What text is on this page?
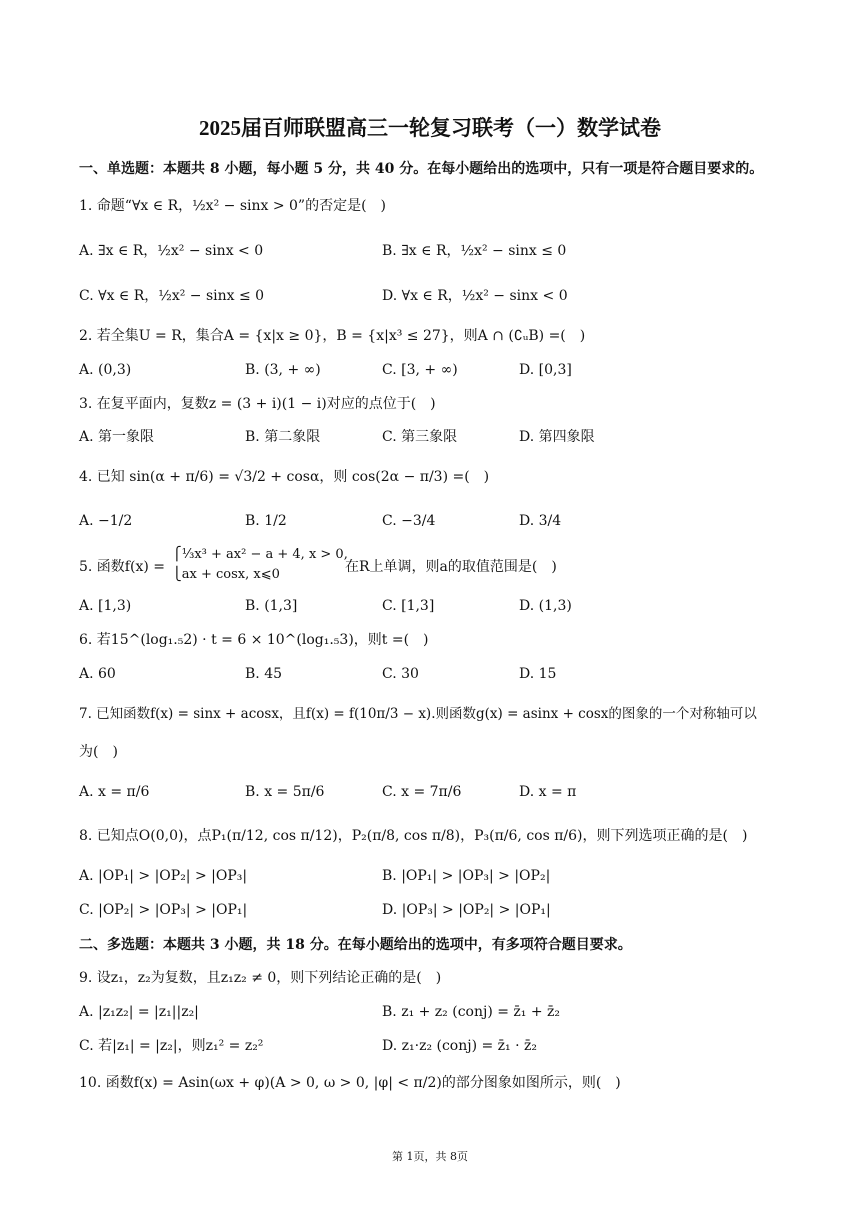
2025届百师联盟高三一轮复习联考（一）数学试卷
一、单选题：本题共 8 小题，每小题 5 分，共 40 分。在每小题给出的选项中，只有一项是符合题目要求的。
1. 命题“∀x ∈ R，½x² − sinx > 0”的否定是(　)
A. ∃x ∈ R，½x² − sinx < 0	B. ∃x ∈ R，½x² − sinx ≤ 0
C. ∀x ∈ R，½x² − sinx ≤ 0	D. ∀x ∈ R，½x² − sinx < 0
2. 若全集U = R，集合A = {x|x ≥ 0}，B = {x|x³ ≤ 27}，则A ∩ (∁ᵤB) =(　)
A. (0,3)	B. (3, + ∞)	C. [3, + ∞)	D. [0,3]
3. 在复平面内，复数z = (3 + i)(1 − i)对应的点位于(　)
A. 第一象限	B. 第二象限	C. 第三象限	D. 第四象限
4. 已知 sin(α + π/6) = √3/2 + cosα，则 cos(2α − π/3) =(　)
A. −1/2	B. 1/2	C. −3/4	D. 3/4
5. 函数f(x) =
⎧⅓x³ + ax² − a + 4, x > 0,
⎩ax + cosx, x⩽0	在R上单调，则a的取值范围是(　)
A. [1,3)	B. (1,3]	C. [1,3]	D. (1,3)
6. 若15^(log₁.₅2) · t = 6 × 10^(log₁.₅3)，则t =(　)
A. 60	B. 45	C. 30	D. 15
7. 已知函数f(x) = sinx + acosx，且f(x) = f(10π/3 − x).则函数g(x) = asinx + cosx的图象的一个对称轴可以
为(　)
A. x = π/6	B. x = 5π/6	C. x = 7π/6	D. x = π
8. 已知点O(0,0)，点P₁(π/12, cos π/12)，P₂(π/8, cos π/8)，P₃(π/6, cos π/6)，则下列选项正确的是(　)
A. |OP₁| > |OP₂| > |OP₃|	B. |OP₁| > |OP₃| > |OP₂|
C. |OP₂| > |OP₃| > |OP₁|	D. |OP₃| > |OP₂| > |OP₁|
二、多选题：本题共 3 小题，共 18 分。在每小题给出的选项中，有多项符合题目要求。
9. 设z₁，z₂为复数，且z₁z₂ ≠ 0，则下列结论正确的是(　)
A. |z₁z₂| = |z₁||z₂|	B. z₁ + z₂ (conj) = z̄₁ + z̄₂
C. 若|z₁| = |z₂|，则z₁² = z₂²	D. z₁·z₂ (conj) = z̄₁ · z̄₂
10. 函数f(x) = Asin(ωx + φ)(A > 0, ω > 0, |φ| < π/2)的部分图象如图所示，则(　)
第 1页，共 8页
